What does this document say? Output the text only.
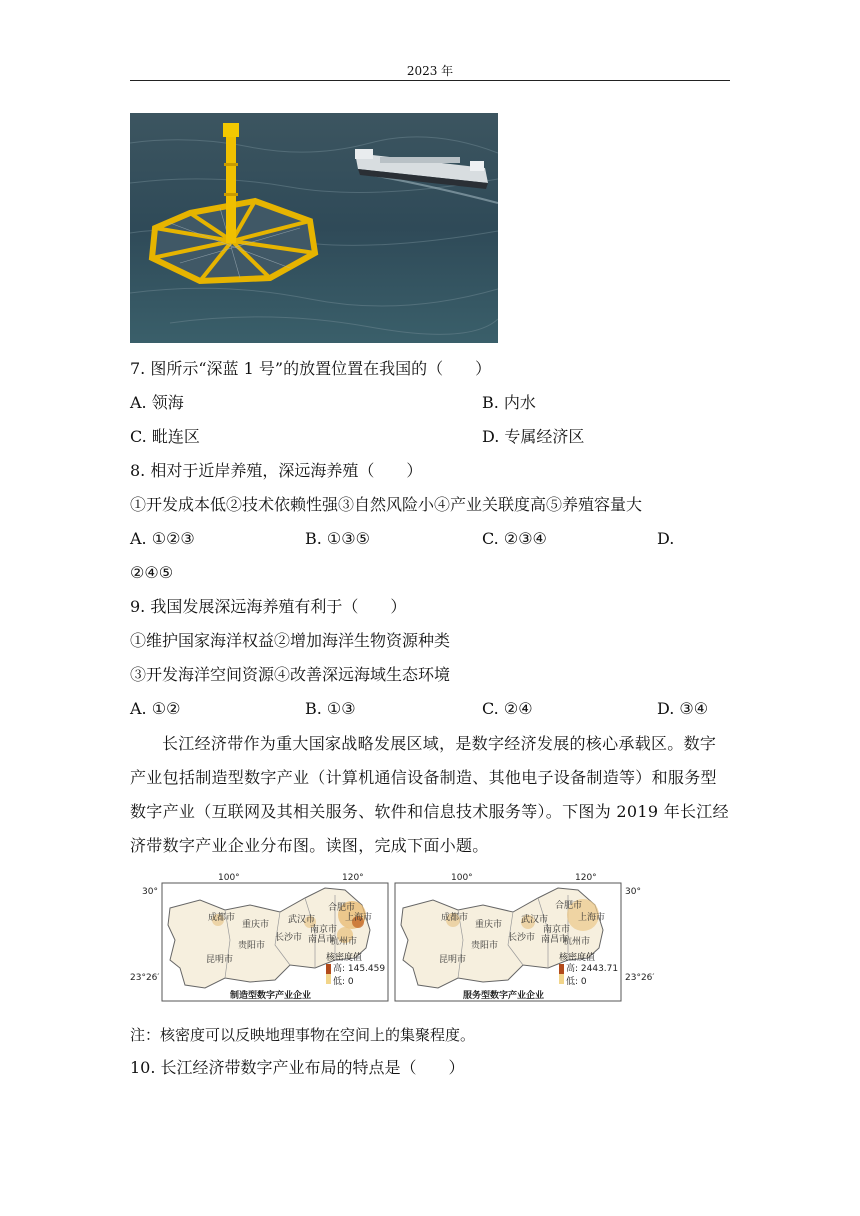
2023 年
7. 图所示“深蓝 1 号”的放置位置在我国的（　　）
A. 领海	B. 内水
C. 毗连区	D. 专属经济区
8. 相对于近岸养殖，深远海养殖（　　）
①开发成本低②技术依赖性强③自然风险小④产业关联度高⑤养殖容量大
A. ①②③	B. ①③⑤	C. ②③④	D.
②④⑤
9. 我国发展深远海养殖有利于（　　）
①维护国家海洋权益②增加海洋生物资源种类
③开发海洋空间资源④改善深远海域生态环境
A. ①②	B. ①③	C. ②④	D. ③④
长江经济带作为重大国家战略发展区域，是数字经济发展的核心承载区。数字产业包括制造型数字产业（计算机通信设备制造、其他电子设备制造等）和服务型数字产业（互联网及其相关服务、软件和信息技术服务等）。下图为 2019 年长江经济带数字产业企业分布图。读图，完成下面小题。
成都市
重庆市 武汉市
合肥市
上海市
南京市
长沙市 南昌市
杭州市
贵阳市
昆明市
100°	120°
30°
23°26′
核密度值
高: 145.459
低: 0
制造型数字产业企业
成都市
重庆市 武汉市
合肥市
上海市
南京市
长沙市 南昌市
杭州市
贵阳市
昆明市
100°	120°
30°
23°26′
核密度值
高: 2443.71
低: 0
服务型数字产业企业
注：核密度可以反映地理事物在空间上的集聚程度。
10. 长江经济带数字产业布局的特点是（　　）
